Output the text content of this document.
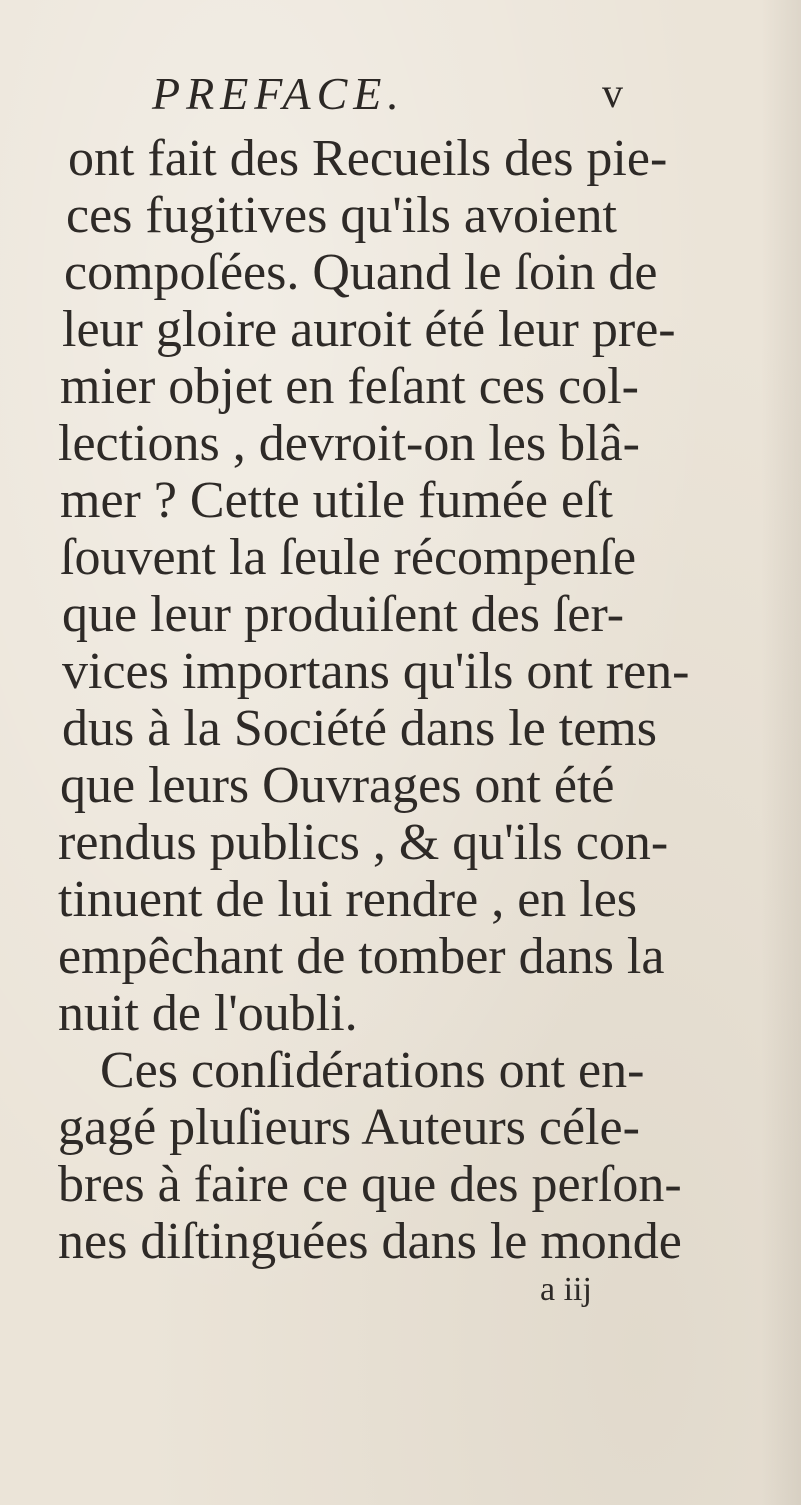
PREFACE.	v
ont fait des Recueils des pie-
ces fugitives qu'ils avoient
compoſées. Quand le ſoin de
leur gloire auroit été leur pre-
mier objet en feſant ces col-
lections , devroit-on les blâ-
mer ? Cette utile fumée eſt
ſouvent la ſeule récompenſe
que leur produiſent des ſer-
vices importans qu'ils ont ren-
dus à la Société dans le tems
que leurs Ouvrages ont été
rendus publics , & qu'ils con-
tinuent de lui rendre , en les
empêchant de tomber dans la
nuit de l'oubli.
Ces conſidérations ont en-
gagé pluſieurs Auteurs céle-
bres à faire ce que des perſon-
nes diſtinguées dans le monde
a iij
